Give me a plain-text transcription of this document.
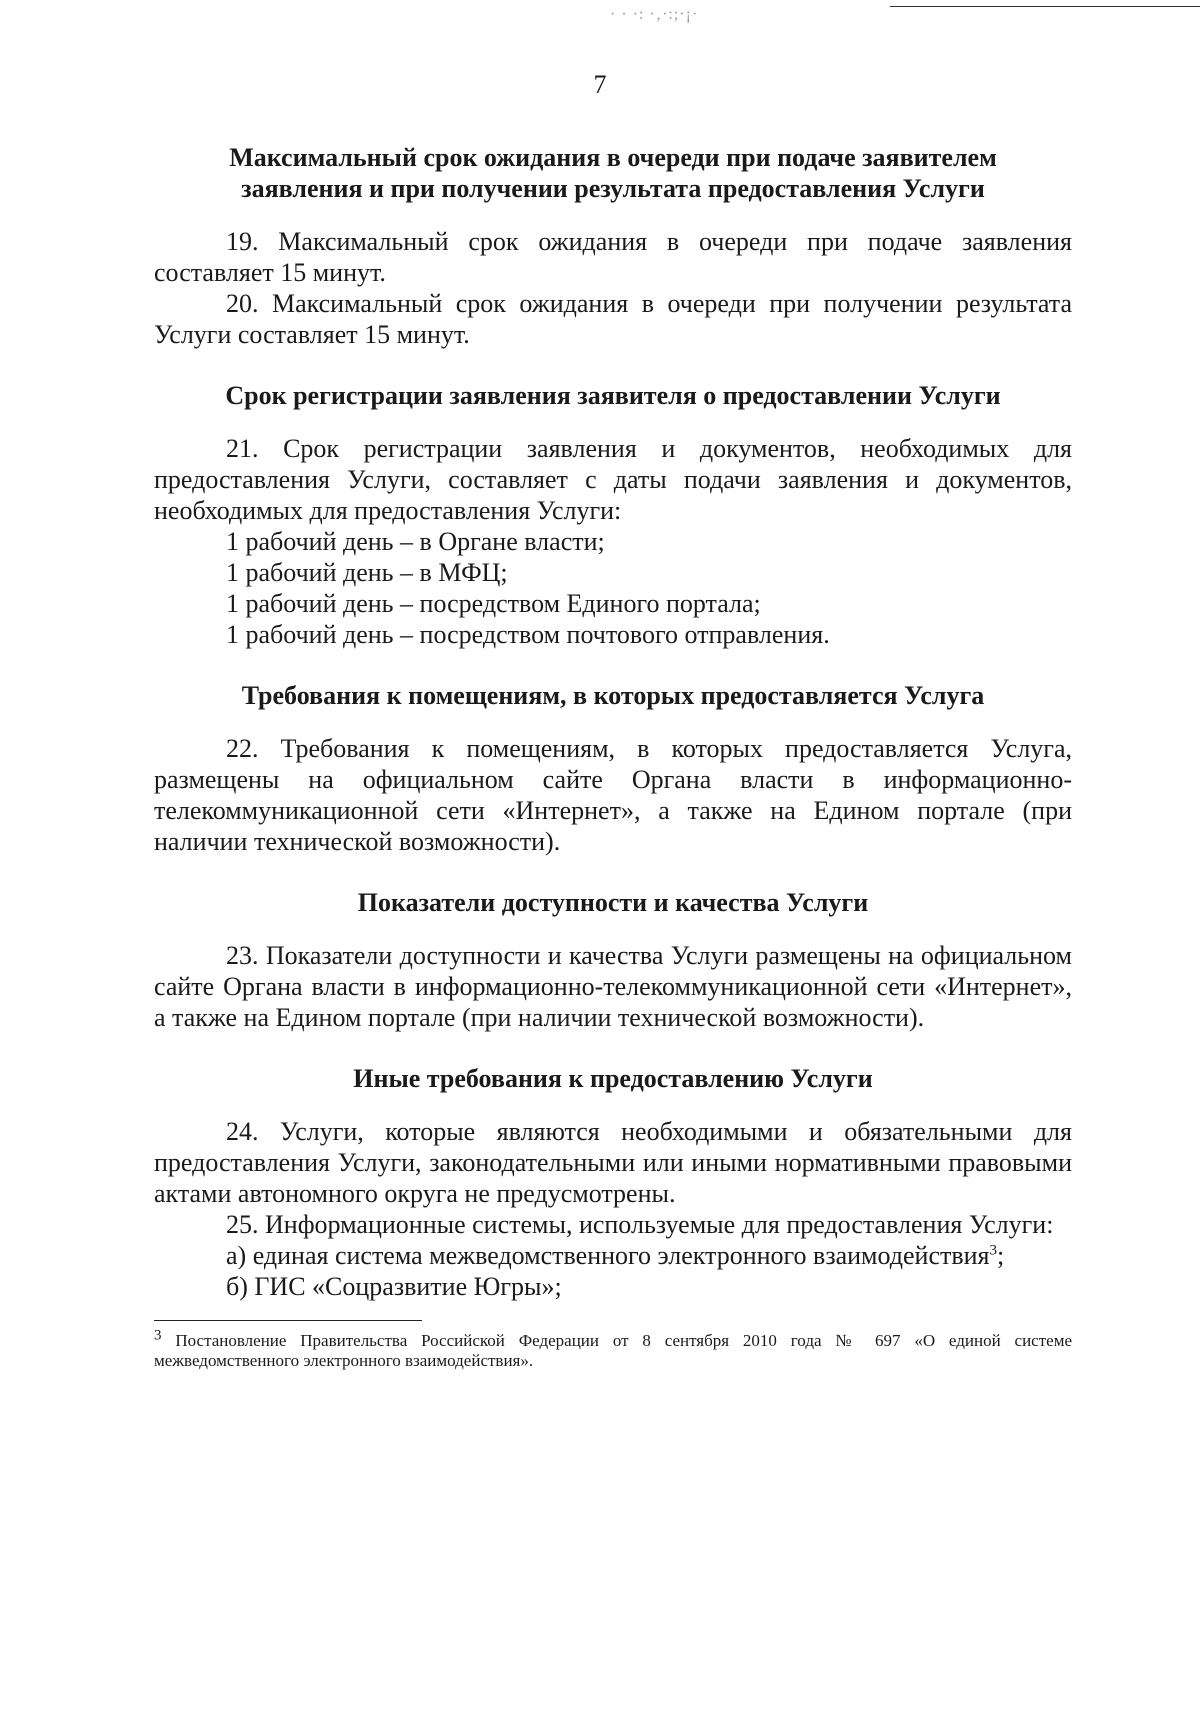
· · ·: ·‚·:;·¡·
7

Максимальный срок ожидания в очереди при подаче заявителем
заявления и при получении результата предоставления Услуги

19. Максимальный срок ожидания в очереди при подаче заявления составляет 15 минут.

20. Максимальный срок ожидания в очереди при получении результата Услуги составляет 15 минут.

Срок регистрации заявления заявителя о предоставлении Услуги

21. Срок регистрации заявления и документов, необходимых для предоставления Услуги, составляет с даты подачи заявления и документов, необходимых для предоставления Услуги:

1 рабочий день – в Органе власти;

1 рабочий день – в МФЦ;

1 рабочий день – посредством Единого портала;

1 рабочий день – посредством почтового отправления.

Требования к помещениям, в которых предоставляется Услуга

22. Требования к помещениям, в которых предоставляется Услуга, размещены на официальном сайте Органа власти в информационно-телекоммуникационной сети «Интернет», а также на Едином портале (при наличии технической возможности).

Показатели доступности и качества Услуги

23. Показатели доступности и качества Услуги размещены на официальном сайте Органа власти в информационно-телекоммуникационной сети «Интернет», а также на Едином портале (при наличии технической возможности).

Иные требования к предоставлению Услуги

24. Услуги, которые являются необходимыми и обязательными для предоставления Услуги, законодательными или иными нормативными правовыми актами автономного округа не предусмотрены.

25. Информационные системы, используемые для предоставления Услуги:

а) единая система межведомственного электронного взаимодействия$^3$;

б) ГИС «Соцразвитие Югры»;

$^3$ Постановление Правительства Российской Федерации от 8 сентября 2010 года № 697 «О единой системе межведомственного электронного взаимодействия».
